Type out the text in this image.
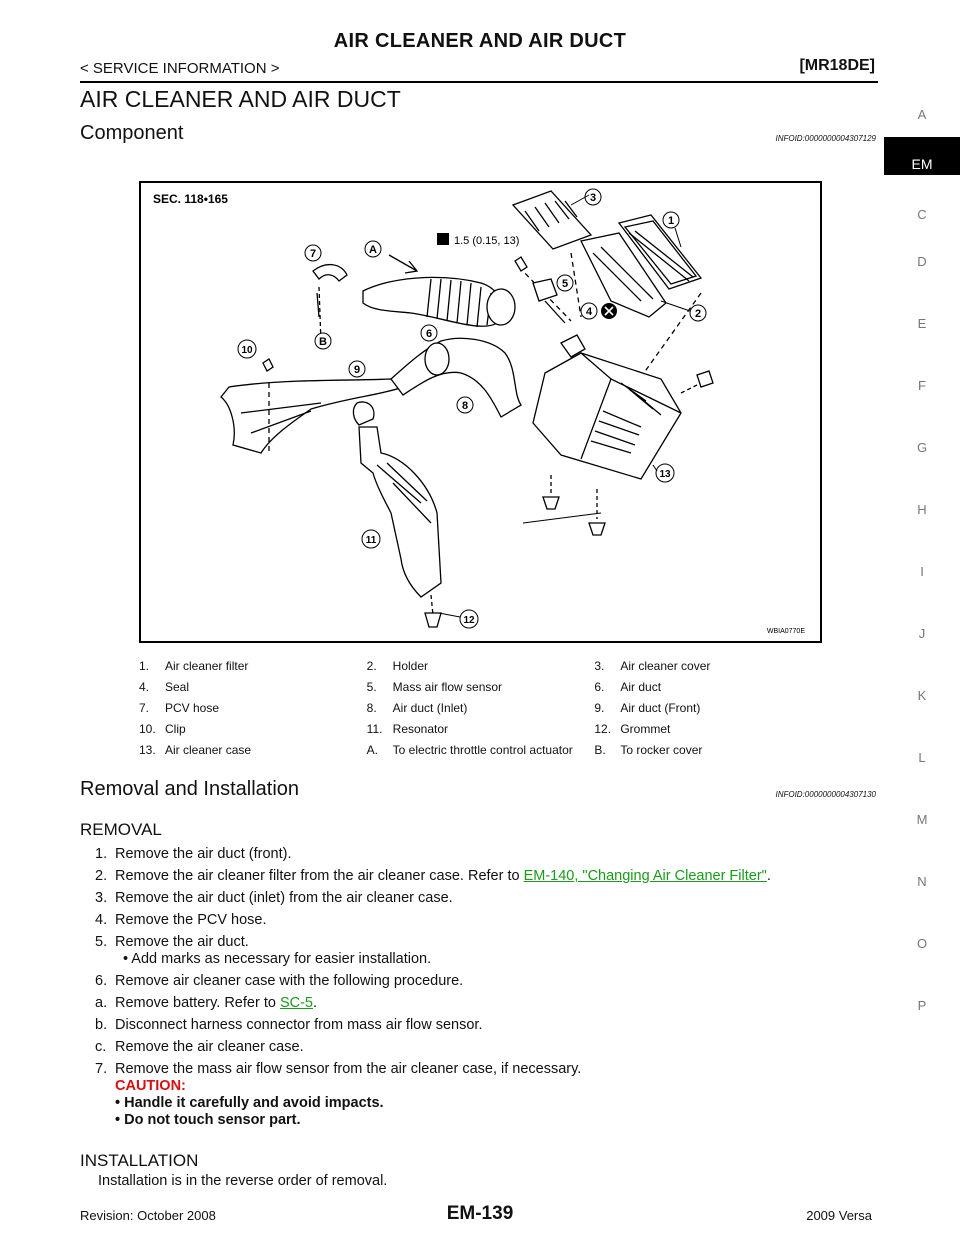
AIR CLEANER AND AIR DUCT
< SERVICE INFORMATION >	[MR18DE]
AIR CLEANER AND AIR DUCT
Component	INFOID:0000000004307129
A
EM
C
D
E
F
G
H
I
J
K
L
M
N
O
P
SEC. 118•165
1.5 (0.15, 13)
WBIA0770E
1
2
3
4
5
6
7
8
9
10
11
12
13
A
B
1.	Air cleaner filter	2.	Holder	3.	Air cleaner cover
4.	Seal	5.	Mass air flow sensor	6.	Air duct
7.	PCV hose	8.	Air duct (Inlet)	9.	Air duct (Front)
10. Clip	11. Resonator	12. Grommet
13. Air cleaner case	A.	To electric throttle control actuator B.	To rocker cover
Removal and Installation	INFOID:0000000004307130
REMOVAL
1. Remove the air duct (front).
2. Remove the air cleaner filter from the air cleaner case. Refer to EM-140, "Changing Air Cleaner Filter".
3. Remove the air duct (inlet) from the air cleaner case.
4. Remove the PCV hose.
5. Remove the air duct.
• Add marks as necessary for easier installation.
6. Remove air cleaner case with the following procedure.
a. Remove battery. Refer to SC-5.
b. Disconnect harness connector from mass air flow sensor.
c. Remove the air cleaner case.
7. Remove the mass air flow sensor from the air cleaner case, if necessary.
CAUTION:
• Handle it carefully and avoid impacts.
• Do not touch sensor part.
INSTALLATION
Installation is in the reverse order of removal.
Revision: October 2008	EM-139	2009 Versa
